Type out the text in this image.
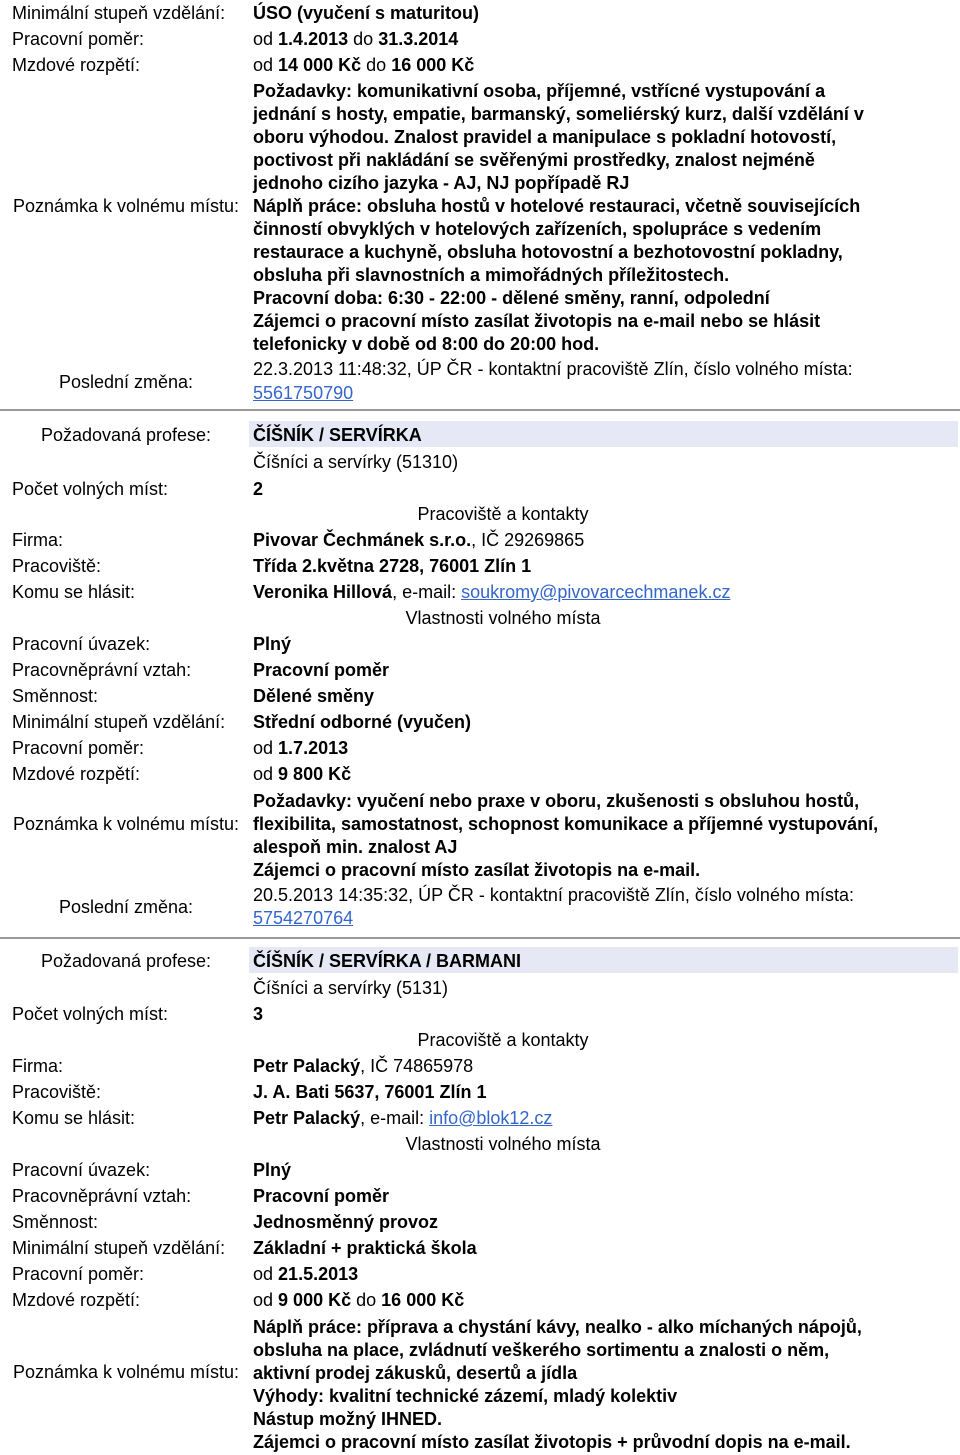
Minimální stupeň vzdělání: ÚSO (vyučení s maturitou)
Pracovní poměr:	od 1.4.2013 do 31.3.2014
Mzdové rozpětí:	od 14 000 Kč do 16 000 Kč
Poznámka k volnému místu:
Požadavky: komunikativní osoba, příjemné, vstřícné vystupování a
jednání s hosty, empatie, barmanský, someliérský kurz, další vzdělání v
oboru výhodou. Znalost pravidel a manipulace s pokladní hotovostí,
poctivost při nakládání se svěřenými prostředky, znalost nejméně
jednoho cizího jazyka - AJ, NJ popřípadě RJ
Náplň práce: obsluha hostů v hotelové restauraci, včetně souvisejících
činností obvyklých v hotelových zařízeních, spolupráce s vedením
restaurace a kuchyně, obsluha hotovostní a bezhotovostní pokladny,
obsluha při slavnostních a mimořádných příležitostech.
Pracovní doba: 6:30 - 22:00 - dělené směny, ranní, odpolední
Zájemci o pracovní místo zasílat životopis na e-mail nebo se hlásit
telefonicky v době od 8:00 do 20:00 hod.
Poslední změna:
22.3.2013 11:48:32, ÚP ČR - kontaktní pracoviště Zlín, číslo volného místa:
5561750790
Požadovaná profese:	ČÍŠNÍK / SERVÍRKA
Číšníci a servírky (51310)
Počet volných míst:	2
Pracoviště a kontakty
Firma:	Pivovar Čechmánek s.r.o., IČ 29269865
Pracoviště:	Třída 2.května 2728, 76001 Zlín 1
Komu se hlásit:	Veronika Hillová, e-mail: soukromy@pivovarcechmanek.cz
Vlastnosti volného místa
Pracovní úvazek:	Plný
Pracovněprávní vztah:	Pracovní poměr
Směnnost:	Dělené směny
Minimální stupeň vzdělání: Střední odborné (vyučen)
Pracovní poměr:	od 1.7.2013
Mzdové rozpětí:	od 9 800 Kč
Poznámka k volnému místu:
Požadavky: vyučení nebo praxe v oboru, zkušenosti s obsluhou hostů,
flexibilita, samostatnost, schopnost komunikace a příjemné vystupování,
alespoň min. znalost AJ
Zájemci o pracovní místo zasílat životopis na e-mail.
Poslední změna:
20.5.2013 14:35:32, ÚP ČR - kontaktní pracoviště Zlín, číslo volného místa:
5754270764
Požadovaná profese:	ČÍŠNÍK / SERVÍRKA / BARMANI
Číšníci a servírky (5131)
Počet volných míst:	3
Pracoviště a kontakty
Firma:	Petr Palacký, IČ 74865978
Pracoviště:	J. A. Bati 5637, 76001 Zlín 1
Komu se hlásit:	Petr Palacký, e-mail: info@blok12.cz
Vlastnosti volného místa
Pracovní úvazek:	Plný
Pracovněprávní vztah:	Pracovní poměr
Směnnost:	Jednosměnný provoz
Minimální stupeň vzdělání: Základní + praktická škola
Pracovní poměr:	od 21.5.2013
Mzdové rozpětí:	od 9 000 Kč do 16 000 Kč
Poznámka k volnému místu:
Náplň práce: příprava a chystání kávy, nealko - alko míchaných nápojů,
obsluha na place, zvládnutí veškerého sortimentu a znalosti o něm,
aktivní prodej zákusků, desertů a jídla
Výhody: kvalitní technické zázemí, mladý kolektiv
Nástup možný IHNED.
Zájemci o pracovní místo zasílat životopis + průvodní dopis na e-mail.
